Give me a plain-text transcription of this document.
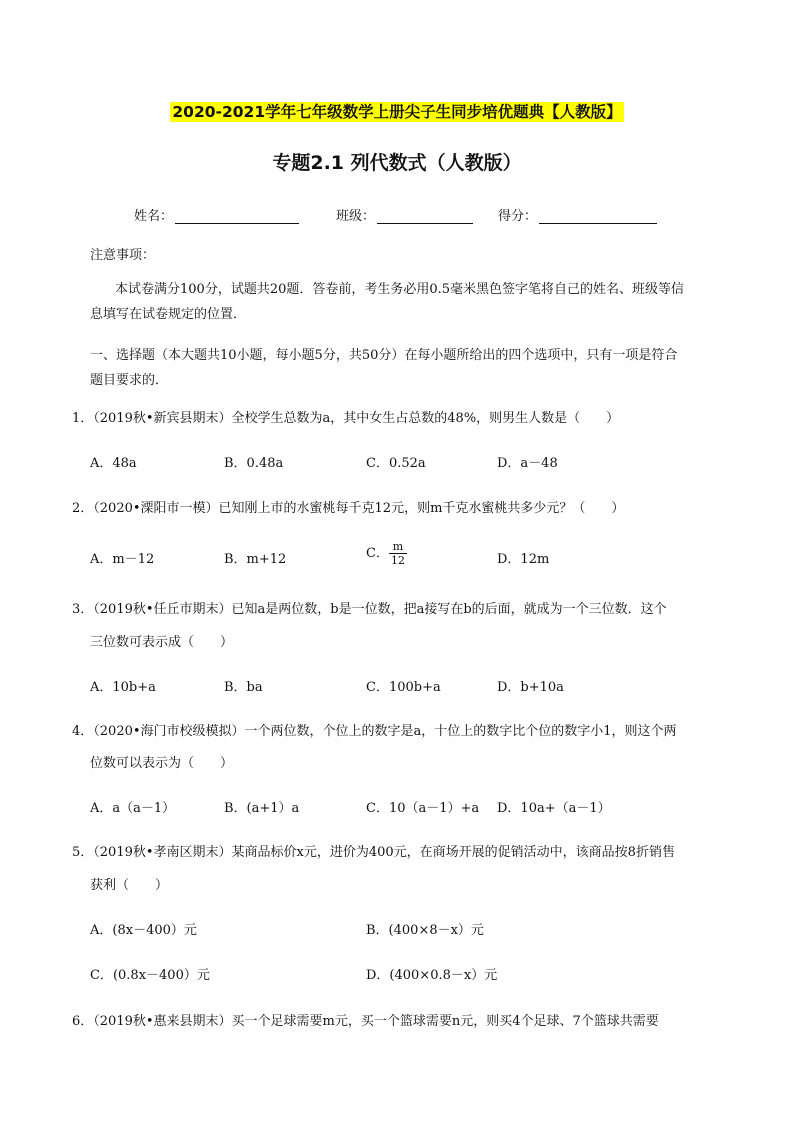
2020-2021学年七年级数学上册尖子生同步培优题典【人教版】
专题2.1 列代数式（人教版）
姓名：	班级：	得分：
注意事项：
本试卷满分100分，试题共20题．答卷前，考生务必用0.5毫米黑色签字笔将自己的姓名、班级等信
息填写在试卷规定的位置．
一、选择题（本大题共10小题，每小题5分，共50分）在每小题所给出的四个选项中，只有一项是符合
题目要求的．
1．（2019秋•新宾县期末）全校学生总数为a，其中女生占总数的48%，则男生人数是（　　）
A．48a	B．0.48a	C．0.52a	D．a－48
2．（2020•溧阳市一模）已知刚上市的水蜜桃每千克12元，则m千克水蜜桃共多少元？（　　）
A．m－12	B．m+12	C． $\frac{m}{12}$	D．12m
3．（2019秋•任丘市期末）已知a是两位数，b是一位数，把a接写在b的后面，就成为一个三位数．这个
三位数可表示成（　　）
A．10b+a	B．ba	C．100b+a	D．b+10a
4．（2020•海门市校级模拟）一个两位数，个位上的数字是a，十位上的数字比个位的数字小1，则这个两
位数可以表示为（　　）
A．a（a－1）	B．(a+1）a	C．10（a－1）+a D．10a+（a－1）
5．（2019秋•孝南区期末）某商品标价x元，进价为400元，在商场开展的促销活动中，该商品按8折销售
获利（　　）
A．(8x－400）元	B．(400×8－x）元
C．(0.8x－400）元	D．(400×0.8－x）元
6．（2019秋•惠来县期末）买一个足球需要m元，买一个篮球需要n元，则买4个足球、7个篮球共需要
